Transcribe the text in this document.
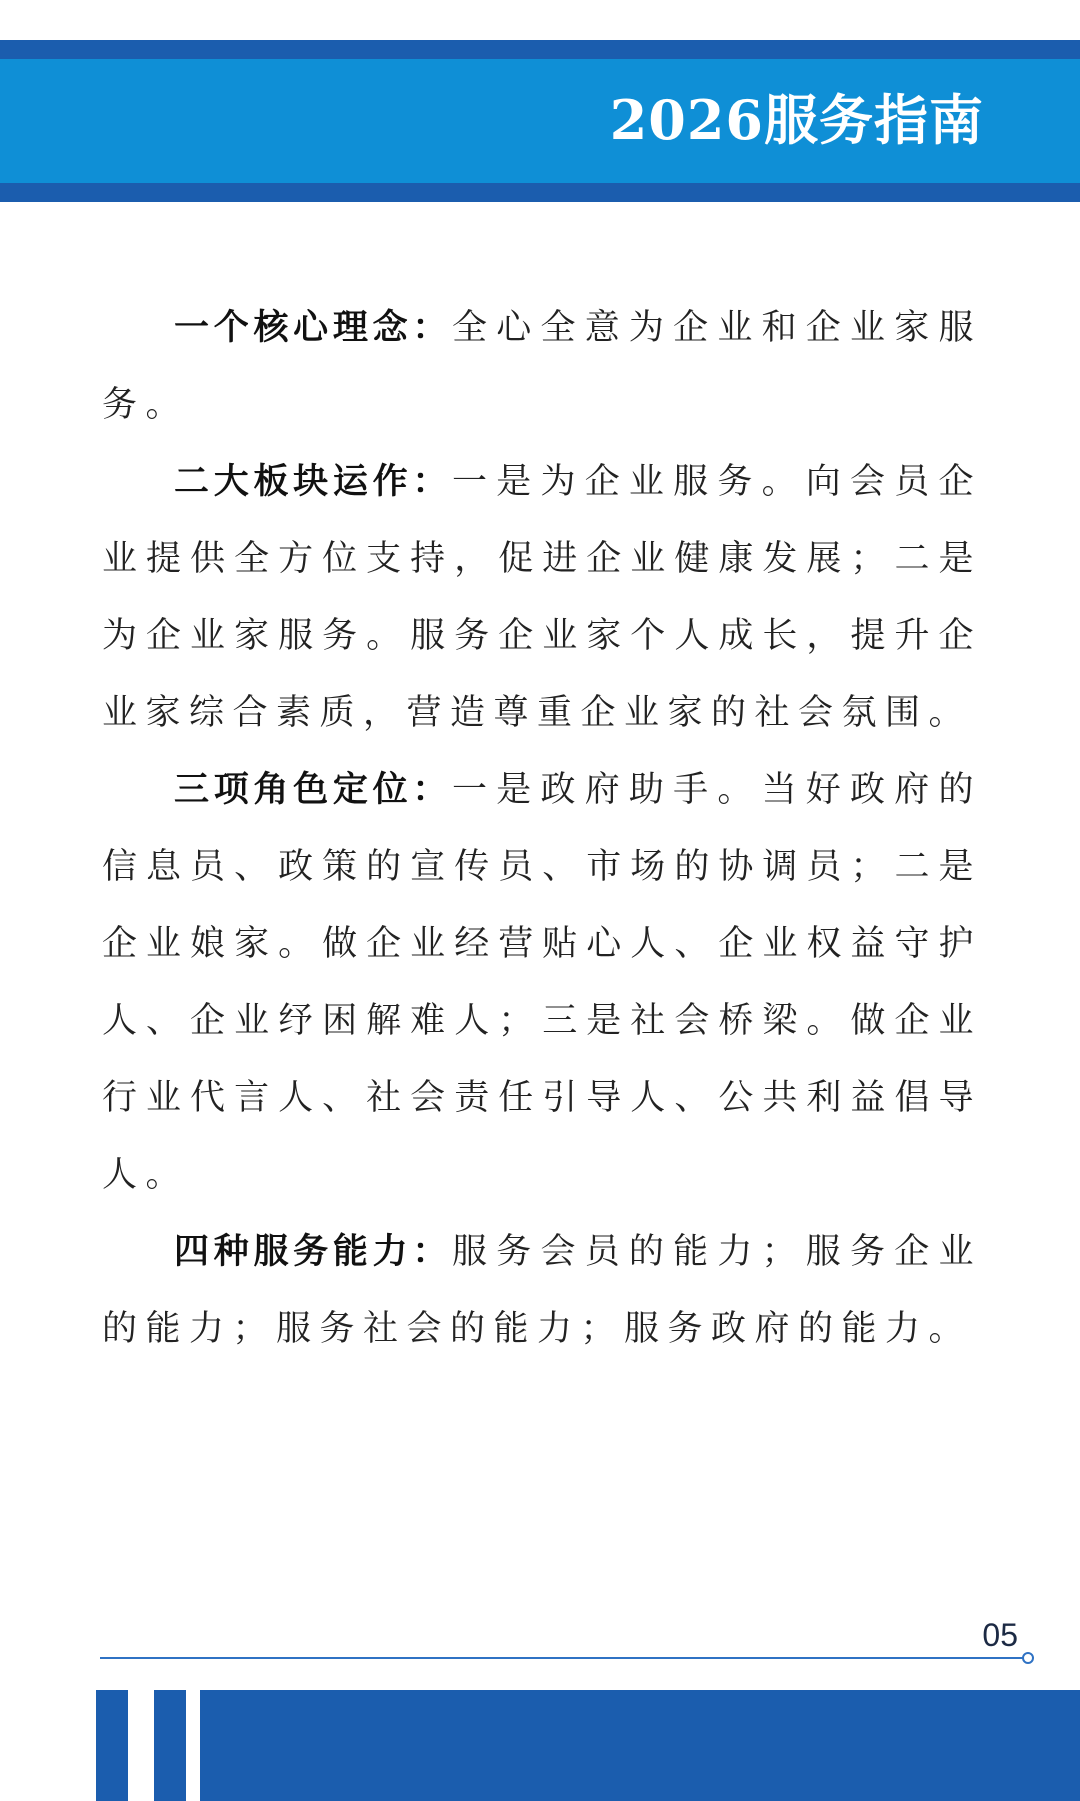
2026服务指南

一个核心理念：全心全意为企业和企业家服务。

二大板块运作：一是为企业服务。向会员企业提供全方位支持，促进企业健康发展；二是为企业家服务。服务企业家个人成长，提升企业家综合素质，营造尊重企业家的社会氛围。

三项角色定位：一是政府助手。当好政府的信息员、政策的宣传员、市场的协调员；二是企业娘家。做企业经营贴心人、企业权益守护人、企业纾困解难人；三是社会桥梁。做企业行业代言人、社会责任引导人、公共利益倡导人。

四种服务能力：服务会员的能力；服务企业的能力；服务社会的能力；服务政府的能力。

05
